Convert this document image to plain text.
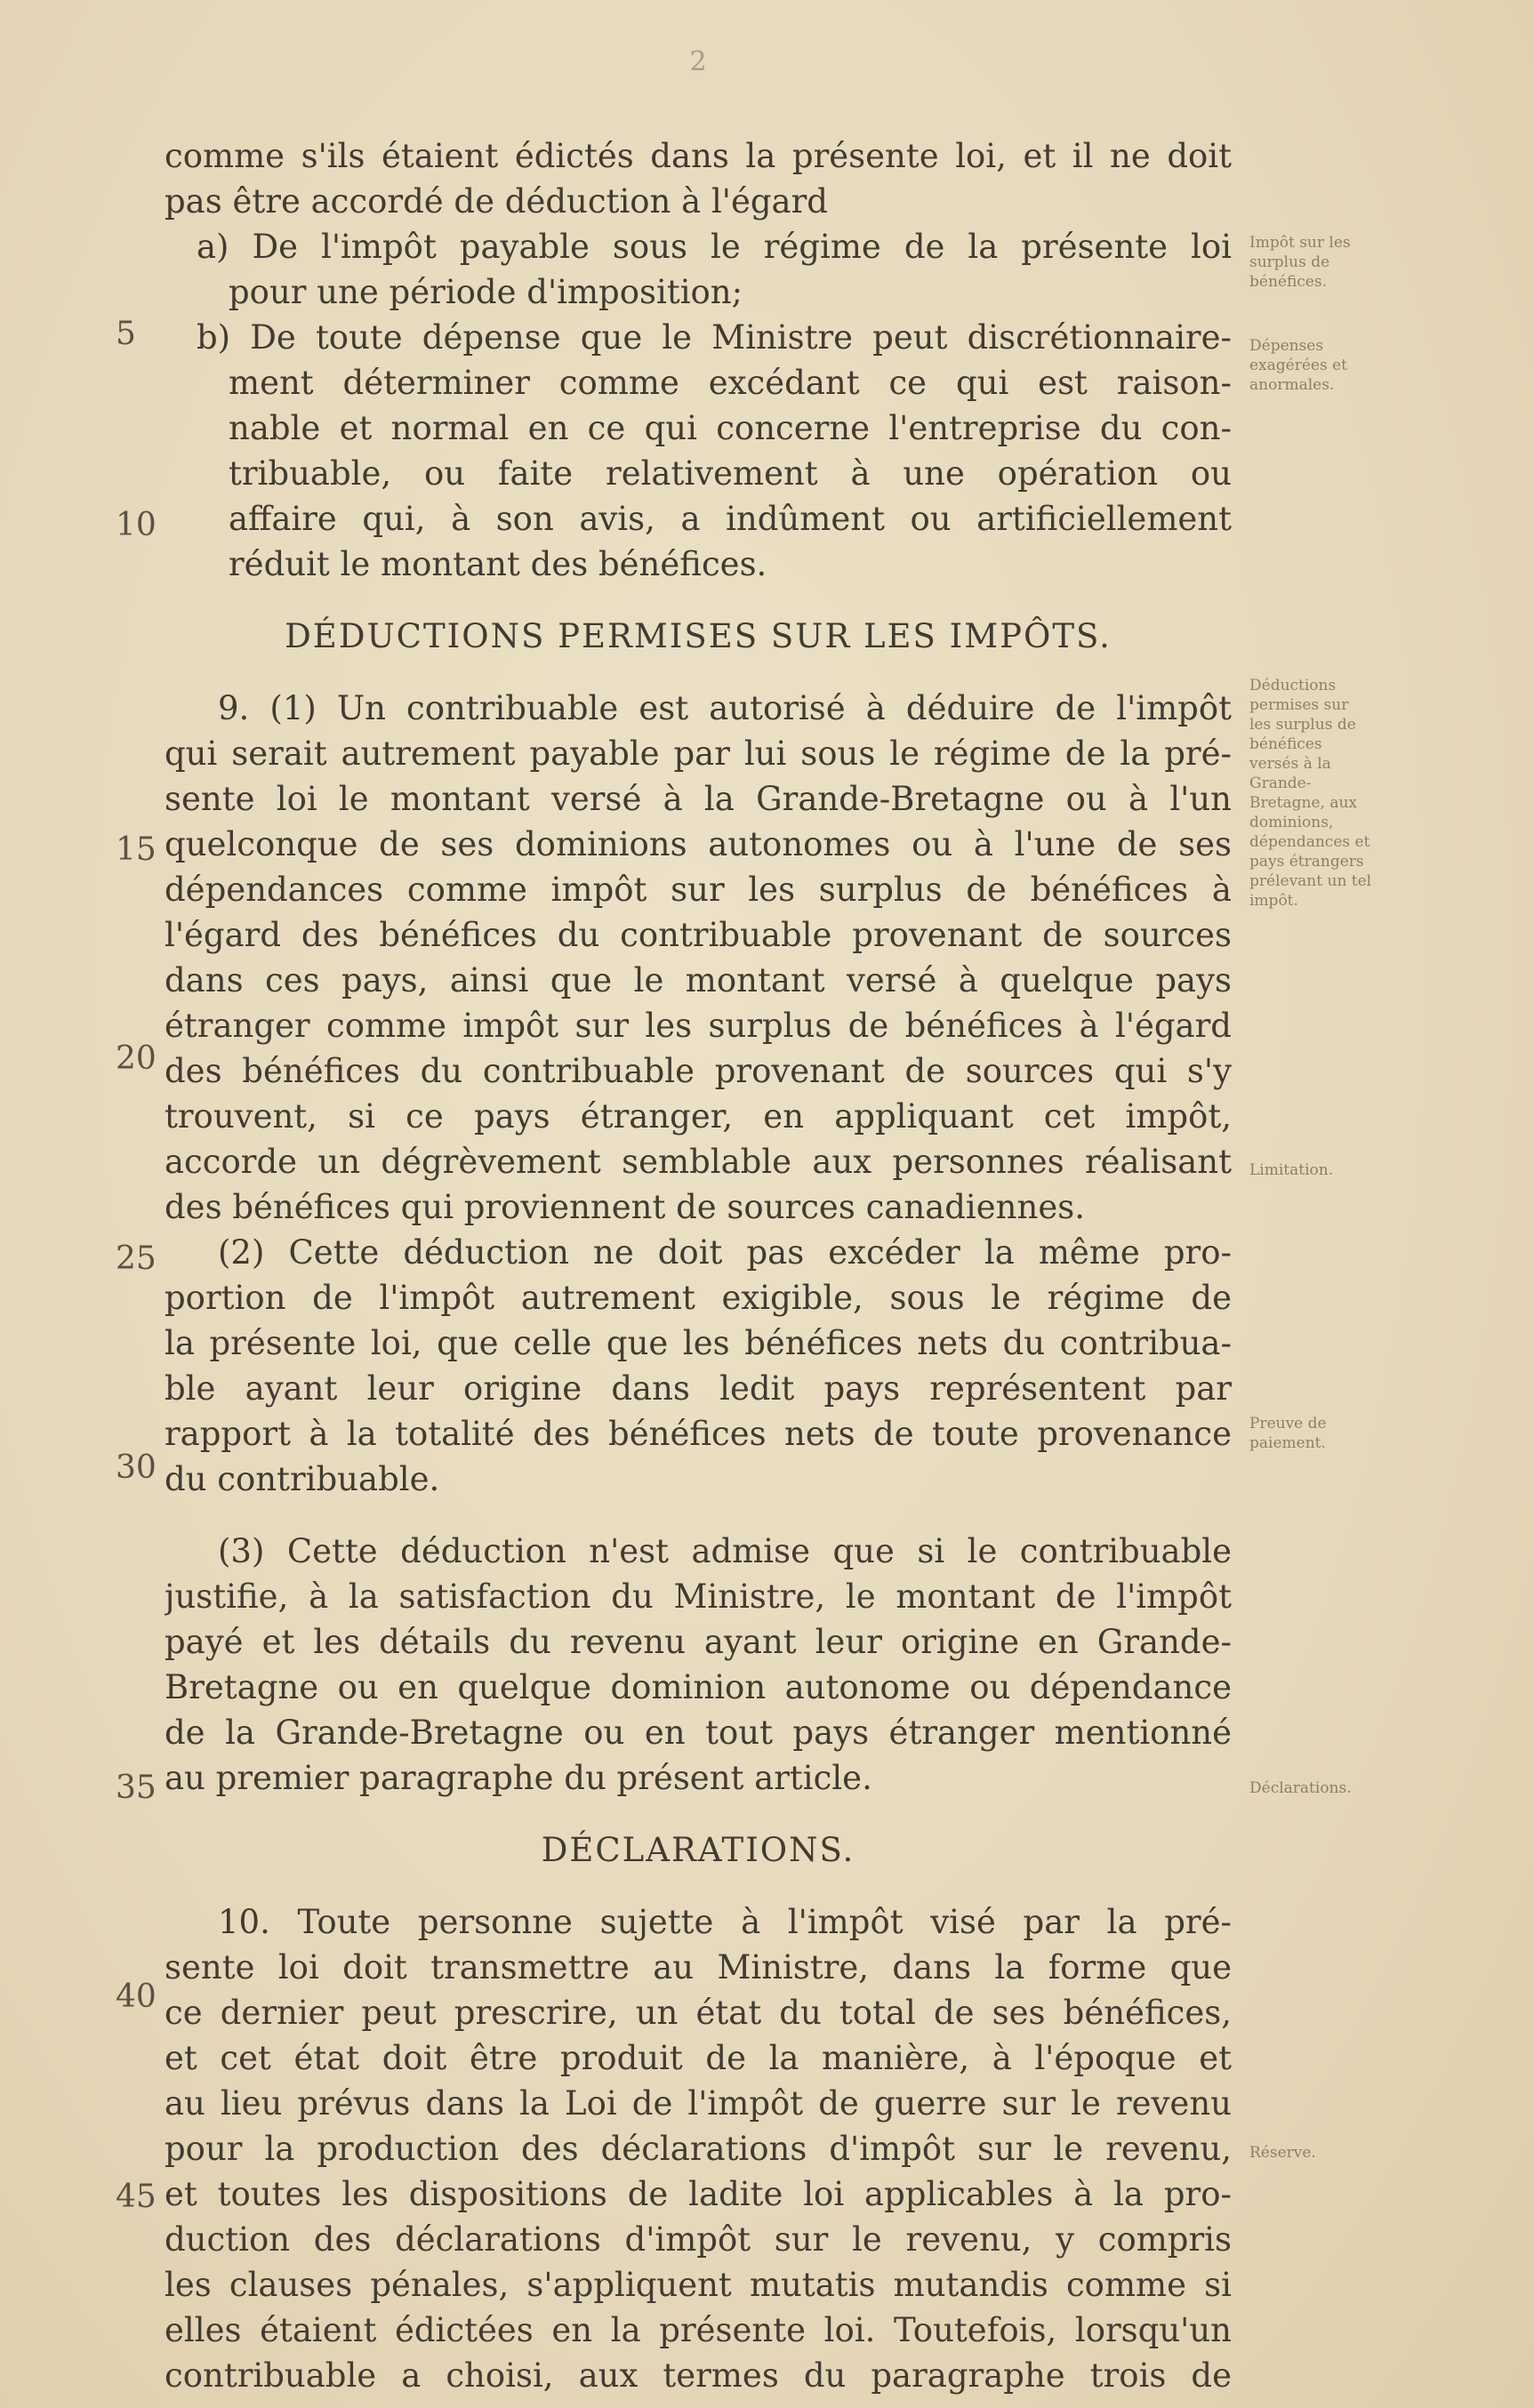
2
comme s'ils étaient édictés dans la présente loi, et il ne doit
pas être accordé de déduction à l'égard
a) De l'impôt payable sous le régime de la présente loi
pour une période d'imposition;
b) De toute dépense que le Ministre peut discrétionnaire-
ment déterminer comme excédant ce qui est raison-
nable et normal en ce qui concerne l'entreprise du con-
tribuable, ou faite relativement à une opération ou
affaire qui, à son avis, a indûment ou artificiellement
réduit le montant des bénéfices.
DÉDUCTIONS PERMISES SUR LES IMPÔTS.
9. (1) Un contribuable est autorisé à déduire de l'impôt
qui serait autrement payable par lui sous le régime de la pré-
sente loi le montant versé à la Grande-Bretagne ou à l'un
quelconque de ses dominions autonomes ou à l'une de ses
dépendances comme impôt sur les surplus de bénéfices à
l'égard des bénéfices du contribuable provenant de sources
dans ces pays, ainsi que le montant versé à quelque pays
étranger comme impôt sur les surplus de bénéfices à l'égard
des bénéfices du contribuable provenant de sources qui s'y
trouvent, si ce pays étranger, en appliquant cet impôt,
accorde un dégrèvement semblable aux personnes réalisant
des bénéfices qui proviennent de sources canadiennes.
(2) Cette déduction ne doit pas excéder la même pro-
portion de l'impôt autrement exigible, sous le régime de
la présente loi, que celle que les bénéfices nets du contribua-
ble ayant leur origine dans ledit pays représentent par
rapport à la totalité des bénéfices nets de toute provenance
du contribuable.
(3) Cette déduction n'est admise que si le contribuable
justifie, à la satisfaction du Ministre, le montant de l'impôt
payé et les détails du revenu ayant leur origine en Grande-
Bretagne ou en quelque dominion autonome ou dépendance
de la Grande-Bretagne ou en tout pays étranger mentionné
au premier paragraphe du présent article.
DÉCLARATIONS.
10. Toute personne sujette à l'impôt visé par la pré-
sente loi doit transmettre au Ministre, dans la forme que
ce dernier peut prescrire, un état du total de ses bénéfices,
et cet état doit être produit de la manière, à l'époque et
au lieu prévus dans la Loi de l'impôt de guerre sur le revenu
pour la production des déclarations d'impôt sur le revenu,
et toutes les dispositions de ladite loi applicables à la pro-
duction des déclarations d'impôt sur le revenu, y compris
les clauses pénales, s'appliquent mutatis mutandis comme si
elles étaient édictées en la présente loi. Toutefois, lorsqu'un
contribuable a choisi, aux termes du paragraphe trois de
5
10
15
20
25
30
35
40
45
Impôt sur les surplus de bénéfices.
Dépenses exagérées et anormales.
Déductions permises sur les surplus de bénéfices versés à la Grande-Bretagne, aux dominions, dépendances et pays étrangers prélevant un tel impôt.
Limitation.
Preuve de paiement.
Déclarations.
Réserve.
